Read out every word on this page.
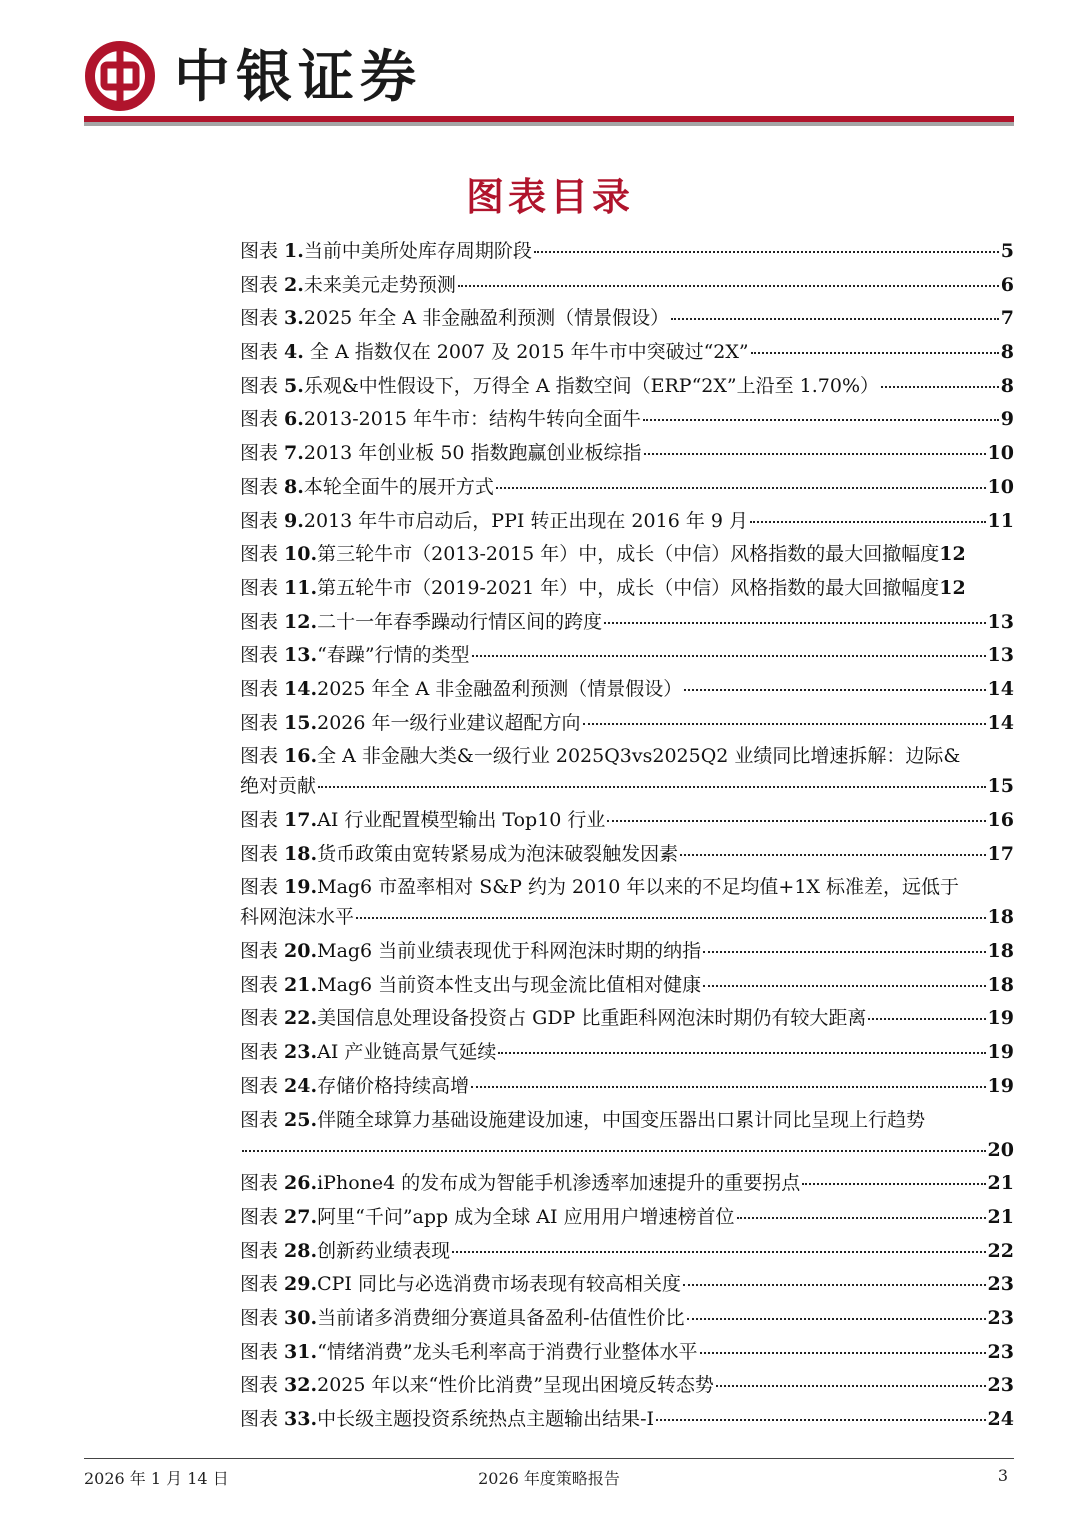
中银证券
图表目录
图表 1.当前中美所处库存周期阶段	5
图表 2.未来美元走势预测	6
图表 3.2025 年全 A 非金融盈利预测（情景假设）	7
图表 4. 全 A 指数仅在 2007 及 2015 年牛市中突破过“2X”	8
图表 5.乐观&中性假设下，万得全 A 指数空间（ERP“2X”上沿至 1.70%）	8
图表 6.2013-2015 年牛市：结构牛转向全面牛	9
图表 7.2013 年创业板 50 指数跑赢创业板综指	10
图表 8.本轮全面牛的展开方式	10
图表 9.2013 年牛市启动后，PPI 转正出现在 2016 年 9 月	11
图表 10.第三轮牛市（2013-2015 年）中，成长（中信）风格指数的最大回撤幅度 12
图表 11.第五轮牛市（2019-2021 年）中，成长（中信）风格指数的最大回撤幅度 12
图表 12.二十一年春季躁动行情区间的跨度	13
图表 13.“春躁”行情的类型	13
图表 14.2025 年全 A 非金融盈利预测（情景假设）	14
图表 15.2026 年一级行业建议超配方向	14
图表 16.全 A 非金融大类&一级行业 2025Q3vs2025Q2 业绩同比增速拆解：边际&
绝对贡献	15
图表 17.AI 行业配置模型输出 Top10 行业	16
图表 18.货币政策由宽转紧易成为泡沫破裂触发因素	17
图表 19.Mag6 市盈率相对 S&P 约为 2010 年以来的不足均值+1X 标准差，远低于
科网泡沫水平	18
图表 20.Mag6 当前业绩表现优于科网泡沫时期的纳指	18
图表 21.Mag6 当前资本性支出与现金流比值相对健康	18
图表 22.美国信息处理设备投资占 GDP 比重距科网泡沫时期仍有较大距离	19
图表 23.AI 产业链高景气延续	19
图表 24.存储价格持续高增	19
图表 25.伴随全球算力基础设施建设加速，中国变压器出口累计同比呈现上行趋势
20
图表 26.iPhone4 的发布成为智能手机渗透率加速提升的重要拐点	21
图表 27.阿里“千问”app 成为全球 AI 应用用户增速榜首位	21
图表 28.创新药业绩表现	22
图表 29.CPI 同比与必选消费市场表现有较高相关度	23
图表 30.当前诸多消费细分赛道具备盈利-估值性价比	23
图表 31.“情绪消费”龙头毛利率高于消费行业整体水平	23
图表 32.2025 年以来“性价比消费”呈现出困境反转态势	23
图表 33.中长级主题投资系统热点主题输出结果-Ⅰ	24
2026 年 1 月 14 日	2026 年度策略报告	3
